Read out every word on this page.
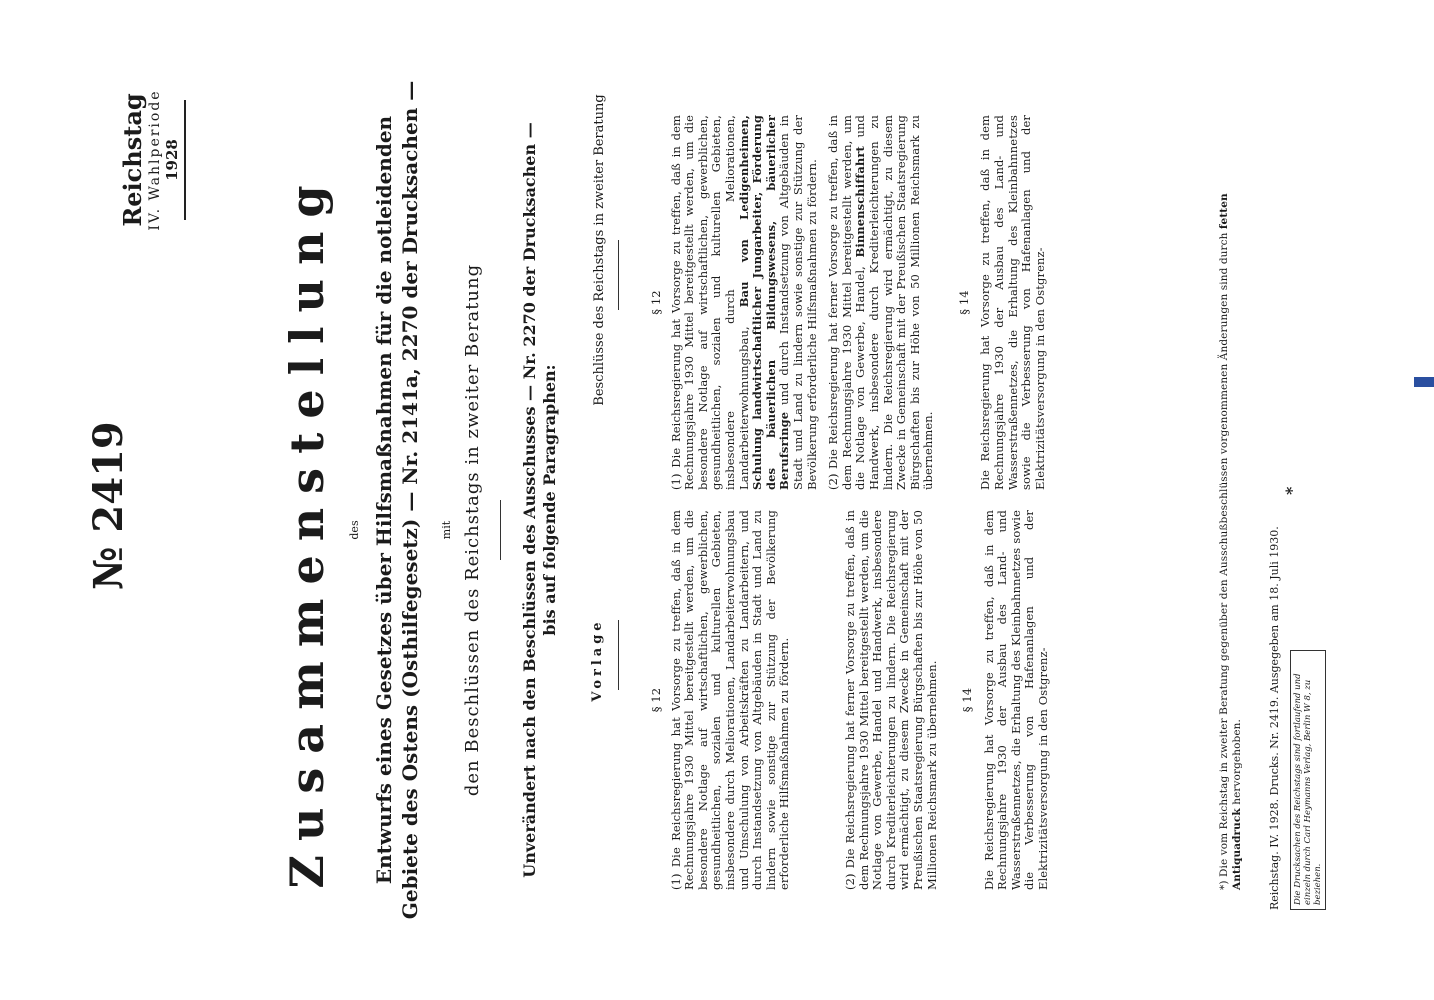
№ 2419
Reichstag IV. Wahlperiode 1928
Zusammenstellung des Entwurfs eines Gesetzes über Hilfsmaßnahmen für die notleidenden Gebiete des Ostens (Osthilfegesetz) — Nr. 2141a, 2270 der Drucksachen — mit den Beschlüssen des Reichstags in zweiter Beratung Unverändert nach den Beschlüssen des Ausschusses — Nr. 2270 der Drucksachen — bis auf folgende Paragraphen:
Vorlage
Beschlüsse des Reichstags in zweiter Beratung
§ 12 (1) Die Reichsregierung hat Vorsorge zu treffen, daß in dem Rechnungsjahre 1930 Mittel bereitgestellt werden, um die besondere Notlage auf wirtschaftlichen, gewerblichen, gesundheitlichen, sozialen und kulturellen Gebieten, insbesondere durch Meliorationen, Landarbeiterwohnungsbau und Umschulung von Arbeitskräften zu Landarbeitern, und durch Instandsetzung von Altgebäuden in Stadt und Land zu lindern sowie sonstige zur Stützung der Bevölkerung erforderliche Hilfsmaßnahmen zu fördern.	(2) Die Reichsregierung hat ferner Vorsorge zu treffen, daß in dem Rechnungsjahre 1930 Mittel bereitgestellt werden, um die Notlage von Gewerbe, Handel und Handwerk, insbesondere durch Krediterleichterungen zu lindern. Die Reichsregierung wird ermächtigt, zu diesem Zwecke in Gemeinschaft mit der Preußischen Staatsregierung Bürgschaften bis zur Höhe von 50 Millionen Reichsmark zu übernehmen. § 14 Die Reichsregierung hat Vorsorge zu treffen, daß in dem Rechnungsjahre 1930 der Ausbau des Land- und Wasserstraßennetzes, die Erhaltung des Kleinbahnnetzes sowie die Verbesserung von Hafenanlagen und der Elektrizitätsversorgung in den Ostgrenz-

§ 12 (1) Die Reichsregierung hat Vorsorge zu treffen, daß in dem Rechnungsjahre 1930 Mittel bereitgestellt werden, um die besondere Notlage auf wirtschaftlichen, gewerblichen, gesundheitlichen, sozialen und kulturellen Gebieten, insbesondere durch Meliorationen, Landarbeiterwohnungsbau, Bau von Ledigenheimen, Schulung landwirtschaftlicher Jungarbeiter, Förderung des bäuerlichen Bildungswesens, bäuerlicher Berufsringe und durch Instandsetzung von Altgebäuden in Stadt und Land zu lindern sowie sonstige zur Stützung der Bevölkerung erforderliche Hilfsmaßnahmen zu fördern. (2) Die Reichsregierung hat ferner Vorsorge zu treffen, daß in dem Rechnungsjahre 1930 Mittel bereitgestellt werden, um die Notlage von Gewerbe, Handel, Binnenschiffahrt und Handwerk, insbesondere durch Krediterleichterungen zu lindern. Die Reichsregierung wird ermächtigt, zu diesem Zwecke in Gemeinschaft mit der Preußischen Staatsregierung Bürgschaften bis zur Höhe von 50 Millionen Reichsmark zu übernehmen.

§ 14 Die Reichsregierung hat Vorsorge zu treffen, daß in dem Rechnungsjahre 1930 der Ausbau des Land- und Wasserstraßennetzes, die Erhaltung des Kleinbahnnetzes sowie die Verbesserung von Hafenanlagen und der Elektrizitätsversorgung in den Ostgrenz-

*
*) Die vom Reichstag in zweiter Beratung gegenüber den Ausschußbeschlüssen vorgenommenen Änderungen sind durch fetten Antiquadruck hervorgehoben. Reichstag. IV. 1928. Drucks. Nr. 2419. Ausgegeben am 18. Juli 1930.	Die Drucksachen des Reichstags sind fortlaufend und einzeln durch Carl Heymanns Verlag, Berlin W 8, zu beziehen.
